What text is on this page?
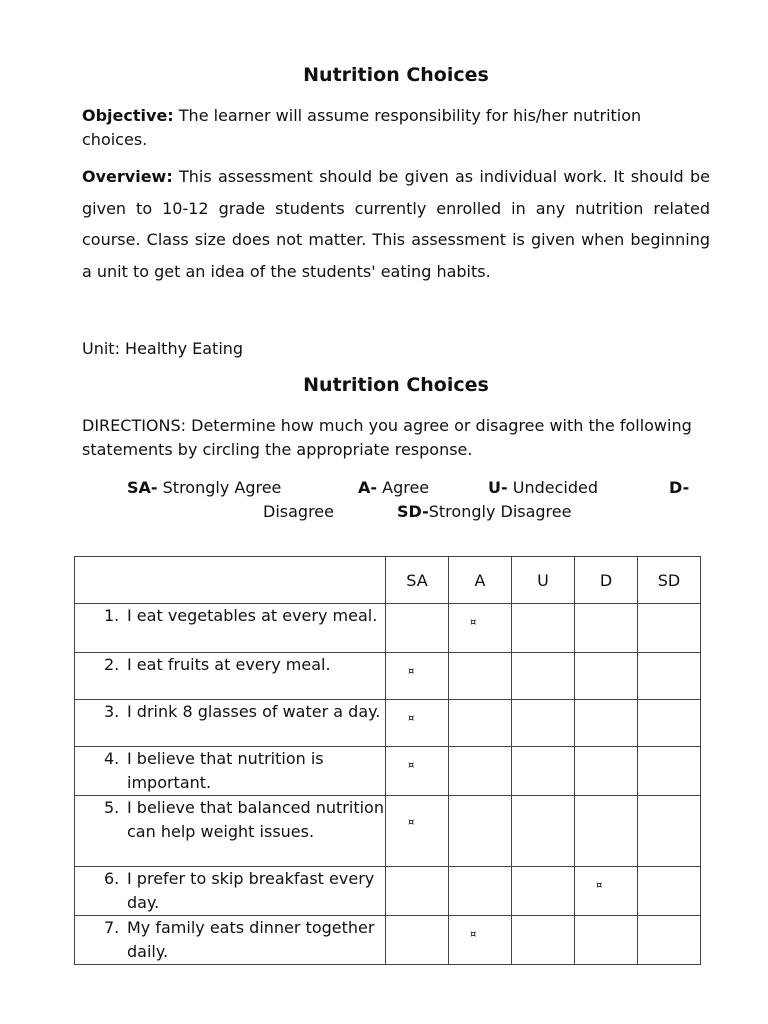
Nutrition Choices

Objective: The learner will assume responsibility for his/her nutrition choices.

Overview: This assessment should be given as individual work. It should be given to 10-12 grade students currently enrolled in any nutrition related course. Class size does not matter. This assessment is given when beginning a unit to get an idea of the students' eating habits.

Unit: Healthy Eating
Nutrition Choices

DIRECTIONS: Determine how much you agree or disagree with the following statements by circling the appropriate response.

SA- Strongly Agree	A- Agree	U- Undecided	D-
Disagree	SD-Strongly Disagree
	SA	A	U	D	SD

1. I eat vegetables at every meal.		¤			

2. I eat fruits at every meal.	¤				

3. I drink 8 glasses of water a day.	¤				

4. I believe that nutrition is important.	¤				

5. I believe that balanced nutrition can help weight issues.	¤				

6. I prefer to skip breakfast every day.				¤	

7. My family eats dinner together daily.		¤			
